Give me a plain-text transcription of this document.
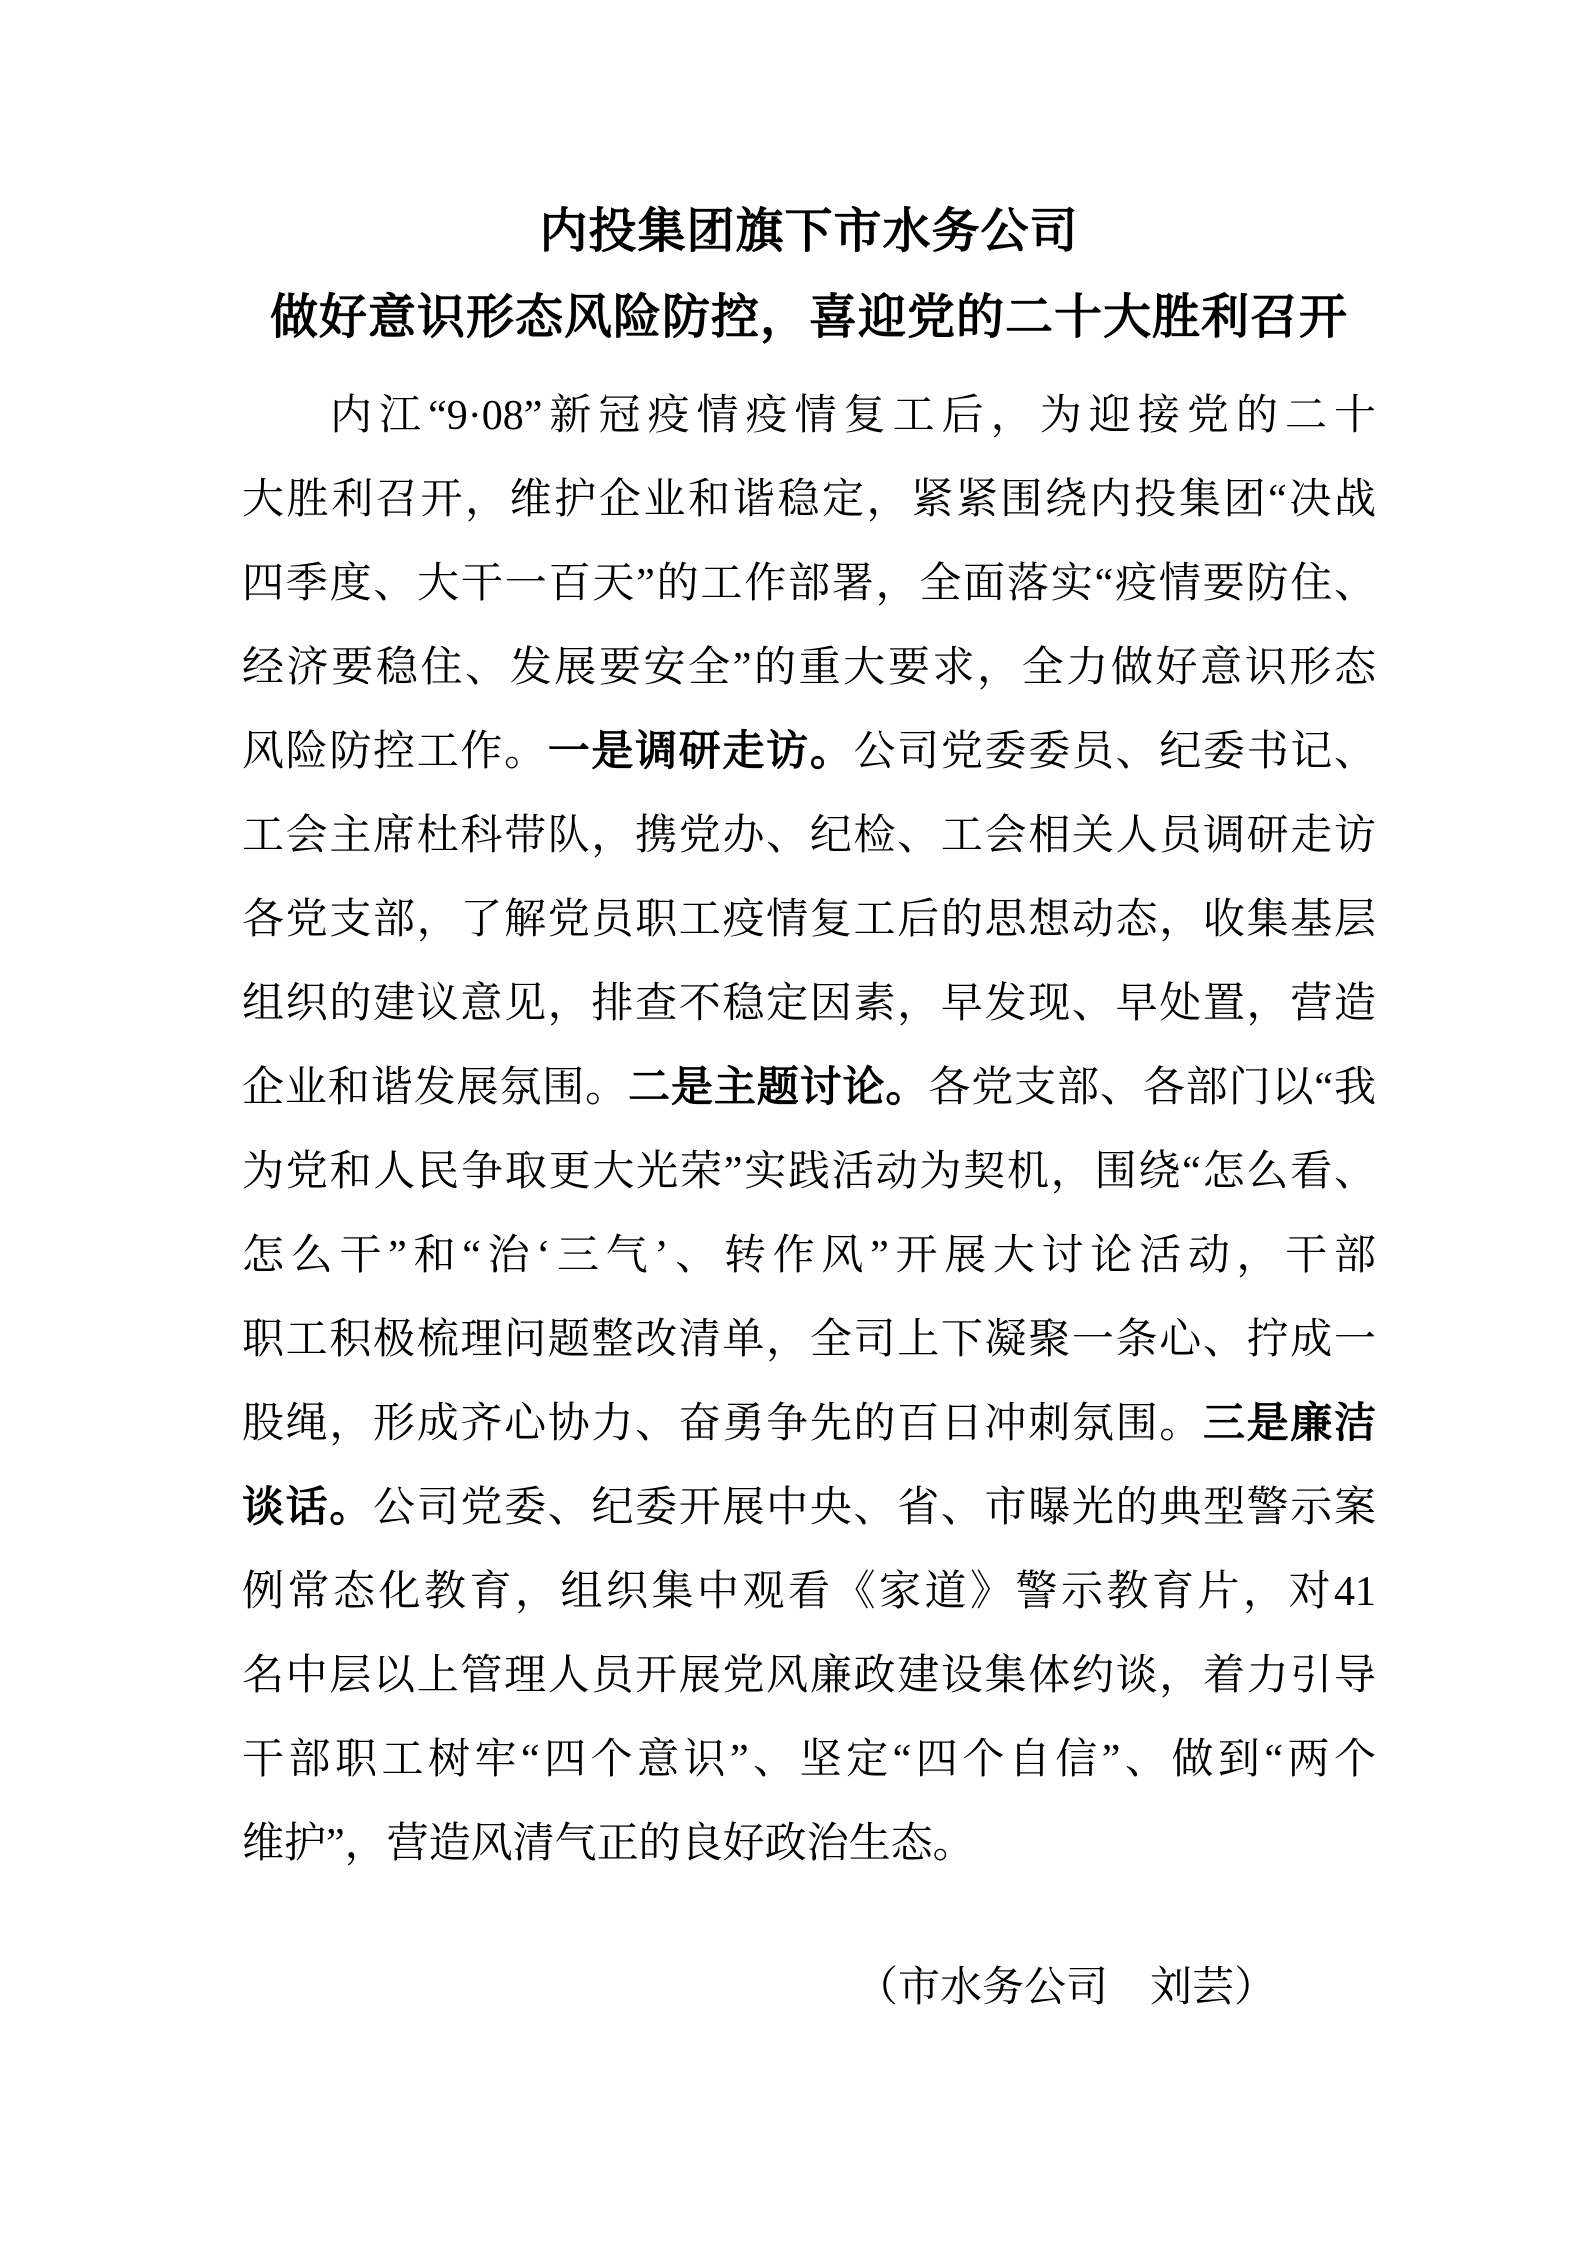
内投集团旗下市水务公司
做好意识形态风险防控，喜迎党的二十大胜利召开
内江“9·08”新冠疫情疫情复工后，为迎接党的二十
大胜利召开，维护企业和谐稳定，紧紧围绕内投集团“决战
四季度、大干一百天”的工作部署，全面落实“疫情要防住、
经济要稳住、发展要安全”的重大要求，全力做好意识形态
风险防控工作。一是调研走访。公司党委委员、纪委书记、
工会主席杜科带队，携党办、纪检、工会相关人员调研走访
各党支部，了解党员职工疫情复工后的思想动态，收集基层
组织的建议意见，排查不稳定因素，早发现、早处置，营造
企业和谐发展氛围。二是主题讨论。各党支部、各部门以“我
为党和人民争取更大光荣”实践活动为契机，围绕“怎么看、
怎么干”和“治‘三气’、转作风”开展大讨论活动，干部
职工积极梳理问题整改清单，全司上下凝聚一条心、拧成一
股绳，形成齐心协力、奋勇争先的百日冲刺氛围。三是廉洁
谈话。公司党委、纪委开展中央、省、市曝光的典型警示案
例常态化教育，组织集中观看《家道》警示教育片，对41
名中层以上管理人员开展党风廉政建设集体约谈，着力引导
干部职工树牢“四个意识”、坚定“四个自信”、做到“两个
维护”，营造风清气正的良好政治生态。
（市水务公司　刘芸）
